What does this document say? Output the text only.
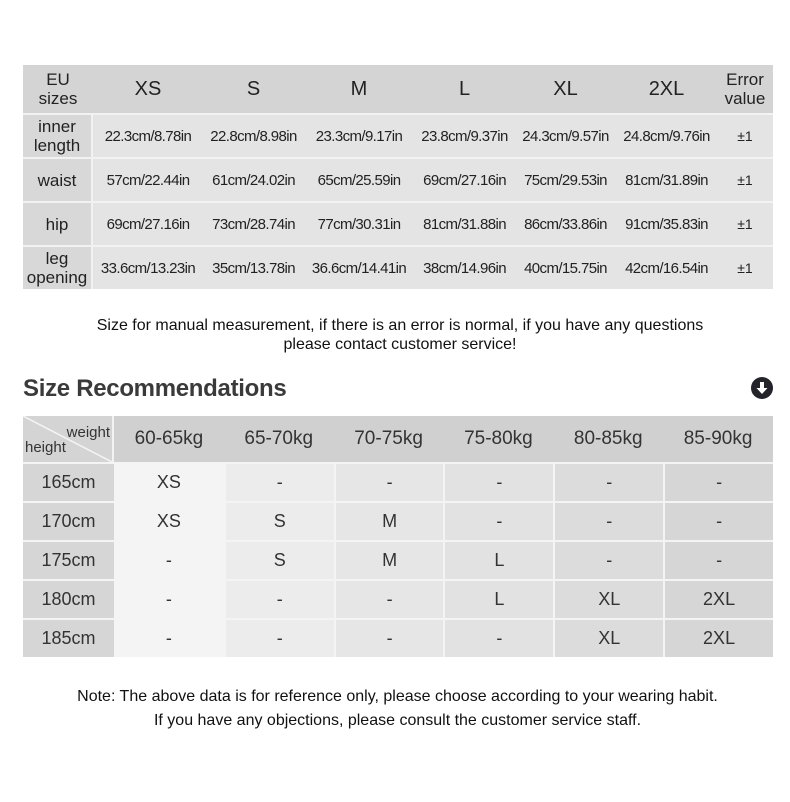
EU
sizes	XS	S	M	L	XL	2XL	Error
value
inner
length	22.3cm/8.78in	22.8cm/8.98in	23.3cm/9.17in	23.8cm/9.37in	24.3cm/9.57in	24.8cm/9.76in	±1
waist	57cm/22.44in	61cm/24.02in	65cm/25.59in	69cm/27.16in	75cm/29.53in	81cm/31.89in	±1
hip	69cm/27.16in	73cm/28.74in	77cm/30.31in	81cm/31.88in	86cm/33.86in	91cm/35.83in	±1
leg
opening	33.6cm/13.23in	35cm/13.78in	36.6cm/14.41in	38cm/14.96in	40cm/15.75in	42cm/16.54in	±1
Size for manual measurement, if there is an error is normal, if you have any questions
please contact customer service!
Size Recommendations
weight
height	60-65kg	65-70kg	70-75kg	75-80kg	80-85kg	85-90kg
165cm	XS	-	-	-	-	-
170cm	XS	S	M	-	-	-
175cm	-	S	M	L	-	-
180cm	-	-	-	L	XL	2XL
185cm	-	-	-	-	XL	2XL
Note: The above data is for reference only, please choose according to your wearing habit.
If you have any objections, please consult the customer service staff.
